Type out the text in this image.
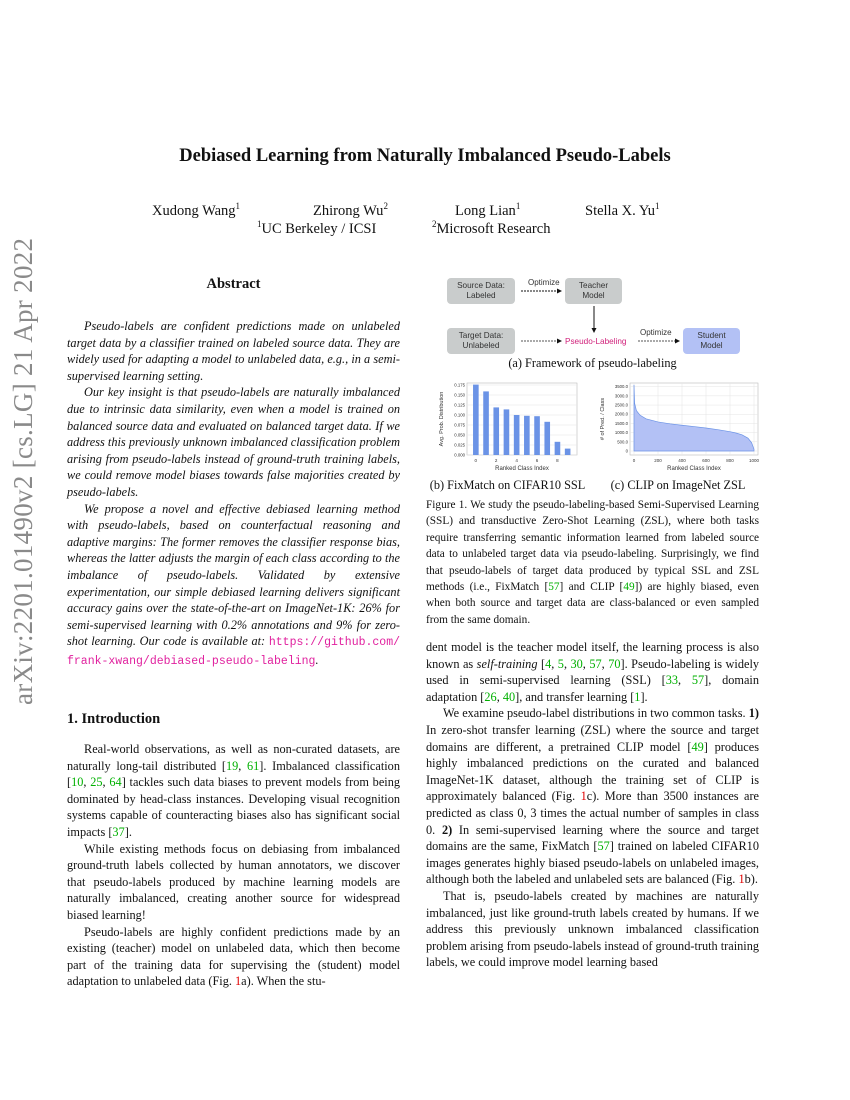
arXiv:2201.01490v2 [cs.LG] 21 Apr 2022
Debiased Learning from Naturally Imbalanced Pseudo-Labels
Xudong Wang$^1$	Zhirong Wu$^2$	Long Lian$^1$	Stella X. Yu$^1$
$^1$UC Berkeley / ICSI	$^2$Microsoft Research
Abstract

Pseudo-labels are confident predictions made on unlabeled target data by a classifier trained on labeled source data. They are widely used for adapting a model to unlabeled data, e.g., in a semi-supervised learning setting.

Our key insight is that pseudo-labels are naturally imbalanced due to intrinsic data similarity, even when a model is trained on balanced source data and evaluated on balanced target data. If we address this previously unknown imbalanced classification problem arising from pseudo-labels instead of ground-truth training labels, we could remove model biases towards false majorities created by pseudo-labels.

We propose a novel and effective debiased learning method with pseudo-labels, based on counterfactual reasoning and adaptive margins: The former removes the classifier response bias, whereas the latter adjusts the margin of each class according to the imbalance of pseudo-labels. Validated by extensive experimentation, our simple debiased learning delivers significant accuracy gains over the state-of-the-art on ImageNet-1K: 26% for semi-supervised learning with 0.2% annotations and 9% for zero-shot learning. Our code is available at: https://github.com/frank-xwang/debiased-pseudo-labeling.

1. Introduction

Real-world observations, as well as non-curated datasets, are naturally long-tail distributed [19, 61]. Imbalanced classification [10, 25, 64] tackles such data biases to prevent models from being dominated by head-class instances. Developing visual recognition systems capable of counteracting biases also has significant social impacts [37].

While existing methods focus on debiasing from imbalanced ground-truth labels collected by human annotators, we discover that pseudo-labels produced by machine learning models are naturally imbalanced, creating another source for widespread biased learning!

Pseudo-labels are highly confident predictions made by an existing (teacher) model on unlabeled data, which then become part of the training data for supervising the (student) model adaptation to unlabeled data (Fig. 1a). When the stu-

Source Data:
Labeled
Teacher
Model
Target Data:
Unlabeled
Student
Model
Optimize
Optimize
Pseudo-Labeling
(a) Framework of pseudo-labeling
0.000
0.025
0.050
0.075
0.100
0.125
0.150
0.175
0	2	4	6	8
Ranked Class Index
Avg. Prob. Distribution
0
500.0
1000.0
1500.0
2000.0
2500.0
3000.0
3500.0
0	200	400	600	800	1000
Ranked Class Index
# of Pred. / Class
(b) FixMatch on CIFAR10 SSL	(c) CLIP on ImageNet ZSL

Figure 1. We study the pseudo-labeling-based Semi-Supervised Learning (SSL) and transductive Zero-Shot Learning (ZSL), where both tasks require transferring semantic information learned from labeled source data to unlabeled target data via pseudo-labeling. Surprisingly, we find that pseudo-labels of target data produced by typical SSL and ZSL methods (i.e., FixMatch [57] and CLIP [49]) are highly biased, even when both source and target data are class-balanced or even sampled from the same domain.

dent model is the teacher model itself, the learning process is also known as self-training [4, 5, 30, 57, 70]. Pseudo-labeling is widely used in semi-supervised learning (SSL) [33, 57], domain adaptation [26, 40], and transfer learning [1].

We examine pseudo-label distributions in two common tasks. 1) In zero-shot transfer learning (ZSL) where the source and target domains are different, a pretrained CLIP model [49] produces highly imbalanced predictions on the curated and balanced ImageNet-1K dataset, although the training set of CLIP is approximately balanced (Fig. 1c). More than 3500 instances are predicted as class 0, 3 times the actual number of samples in class 0. 2) In semi-supervised learning where the source and target domains are the same, FixMatch [57] trained on labeled CIFAR10 images generates highly biased pseudo-labels on unlabeled images, although both the labeled and unlabeled sets are balanced (Fig. 1b).

That is, pseudo-labels created by machines are naturally imbalanced, just like ground-truth labels created by humans. If we address this previously unknown imbalanced classification problem arising from pseudo-labels instead of ground-truth training labels, we could improve model learning based
